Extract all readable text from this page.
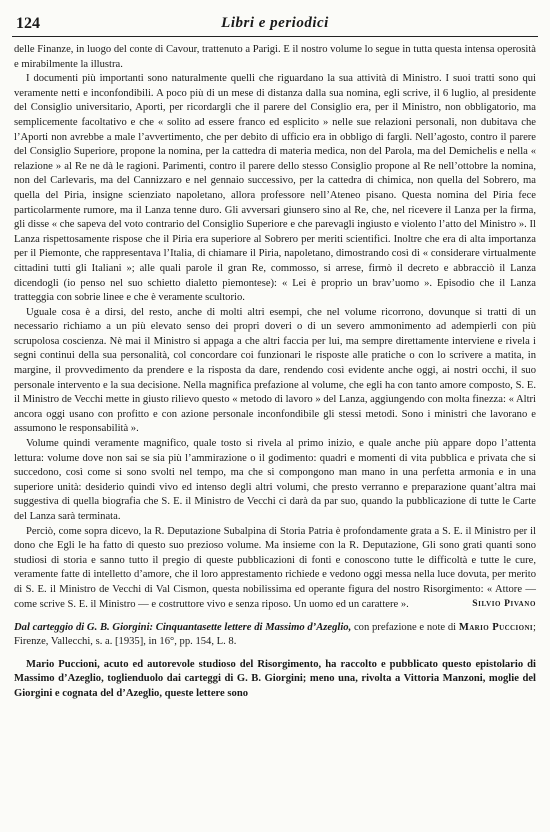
124	Libri e periodici

delle Finanze, in luogo del conte di Cavour, trattenuto a Parigi. E il nostro volume lo segue in tutta questa intensa operosità e mirabilmente la illustra.

I documenti più importanti sono naturalmente quelli che riguardano la sua attività di Ministro. I suoi tratti sono qui veramente netti e inconfondibili. A poco più di un mese di distanza dalla sua nomina, egli scrive, il 6 luglio, al presidente del Consiglio universitario, Aporti, per ricordargli che il parere del Consiglio era, per il Ministro, non obbligatorio, ma semplicemente facoltativo e che « solito ad essere franco ed esplicito » nelle sue relazioni personali, non dubitava che l’Aporti non avrebbe a male l’avvertimento, che per debito di ufficio era in obbligo di fargli. Nell’agosto, contro il parere del Consiglio Superiore, propone la nomina, per la cattedra di materia medica, non del Parola, ma del Demichelis e nella « relazione » al Re ne dà le ragioni. Parimenti, contro il parere dello stesso Consiglio propone al Re nell’ottobre la nomina, non del Carlevaris, ma del Cannizzaro e nel gennaio successivo, per la cattedra di chimica, non quella del Sobrero, ma quella del Piria, insigne scienziato napoletano, allora professore nell’Ateneo pisano. Questa nomina del Piria fece particolarmente rumore, ma il Lanza tenne duro. Gli avversari giunsero sino al Re, che, nel ricevere il Lanza per la firma, gli disse « che sapeva del voto contrario del Consiglio Superiore e che parevagli ingiusto e violento l’atto del Ministro ». Il Lanza rispettosamente rispose che il Piria era superiore al Sobrero per meriti scientifici. Inoltre che era di alta importanza per il Piemonte, che rappresentava l’Italia, di chiamare il Piria, napoletano, dimostrando così di « considerare virtualmente cittadini tutti gli Italiani »; alle quali parole il gran Re, commosso, si arrese, firmò il decreto e abbracciò il Lanza dicendogli (io penso nel suo schietto dialetto piemontese): « Lei è proprio un brav’uomo ». Episodio che il Lanza tratteggia con sobrie linee e che è veramente scultorio.

Uguale cosa è a dirsi, del resto, anche di molti altri esempi, che nel volume ricorrono, dovunque si tratti di un necessario richiamo a un più elevato senso dei propri doveri o di un severo ammonimento ad adempierli con più scrupolosa coscienza. Nè mai il Ministro si appaga a che altri faccia per lui, ma sempre direttamente interviene e rivela i segni continui della sua personalità, col concordare coi funzionari le risposte alle pratiche o con lo scrivere a matita, in margine, il provvedimento da prendere e la risposta da dare, rendendo così evidente anche oggi, ai nostri occhi, il suo personale intervento e la sua decisione. Nella magnifica prefazione al volume, che egli ha con tanto amore composto, S. E. il Ministro de Vecchi mette in giusto rilievo questo « metodo di lavoro » del Lanza, aggiungendo con molta finezza: « Altri ancora oggi usano con profitto e con azione personale inconfondibile gli stessi metodi. Sono i ministri che lavorano e assumono le responsabilità ».

Volume quindi veramente magnifico, quale tosto si rivela al primo inizio, e quale anche più appare dopo l’attenta lettura: volume dove non sai se sia più l’ammirazione o il godimento: quadri e momenti di vita pubblica e privata che si succedono, così come si sono svolti nel tempo, ma che si compongono man mano in una perfetta armonia e in una superiore unità: desiderio quindi vivo ed intenso degli altri volumi, che presto verranno e preparazione quant’altra mai suggestiva di quella biografia che S. E. il Ministro de Vecchi ci darà da par suo, quando la pubblicazione di tutte le Carte del Lanza sarà terminata.

Perciò, come sopra dicevo, la R. Deputazione Subalpina di Storia Patria è profondamente grata a S. E. il Ministro per il dono che Egli le ha fatto di questo suo prezioso volume. Ma insieme con la R. Deputazione, Gli sono grati quanti sono studiosi di storia e sanno tutto il pregio di queste pubblicazioni di fonti e conoscono tutte le difficoltà e tutte le cure, veramente fatte di intelletto d’amore, che il loro apprestamento richiede e vedono oggi messa nella luce dovuta, per merito di S. E. il Ministro de Vecchi di Val Cismon, questa nobilissima ed operante figura del nostro Risorgimento: « Attore — come scrive S. E. il Ministro — e costruttore vivo e senza riposo. Un uomo ed un carattere ».	Silvio Pivano
Dal carteggio di G. B. Giorgini: Cinquantasette lettere di Massimo d’Azeglio, con prefazione e note di Mario Puccioni; Firenze, Vallecchi, s. a. [1935], in 16°, pp. 154, L. 8.

Mario Puccioni, acuto ed autorevole studioso del Risorgimento, ha raccolto e pubblicato questo epistolario di Massimo d’Azeglio, toglienduolo dai carteggi di G. B. Giorgini; meno una, rivolta a Vittoria Manzoni, moglie del Giorgini e cognata del d’Azeglio, queste lettere sono
